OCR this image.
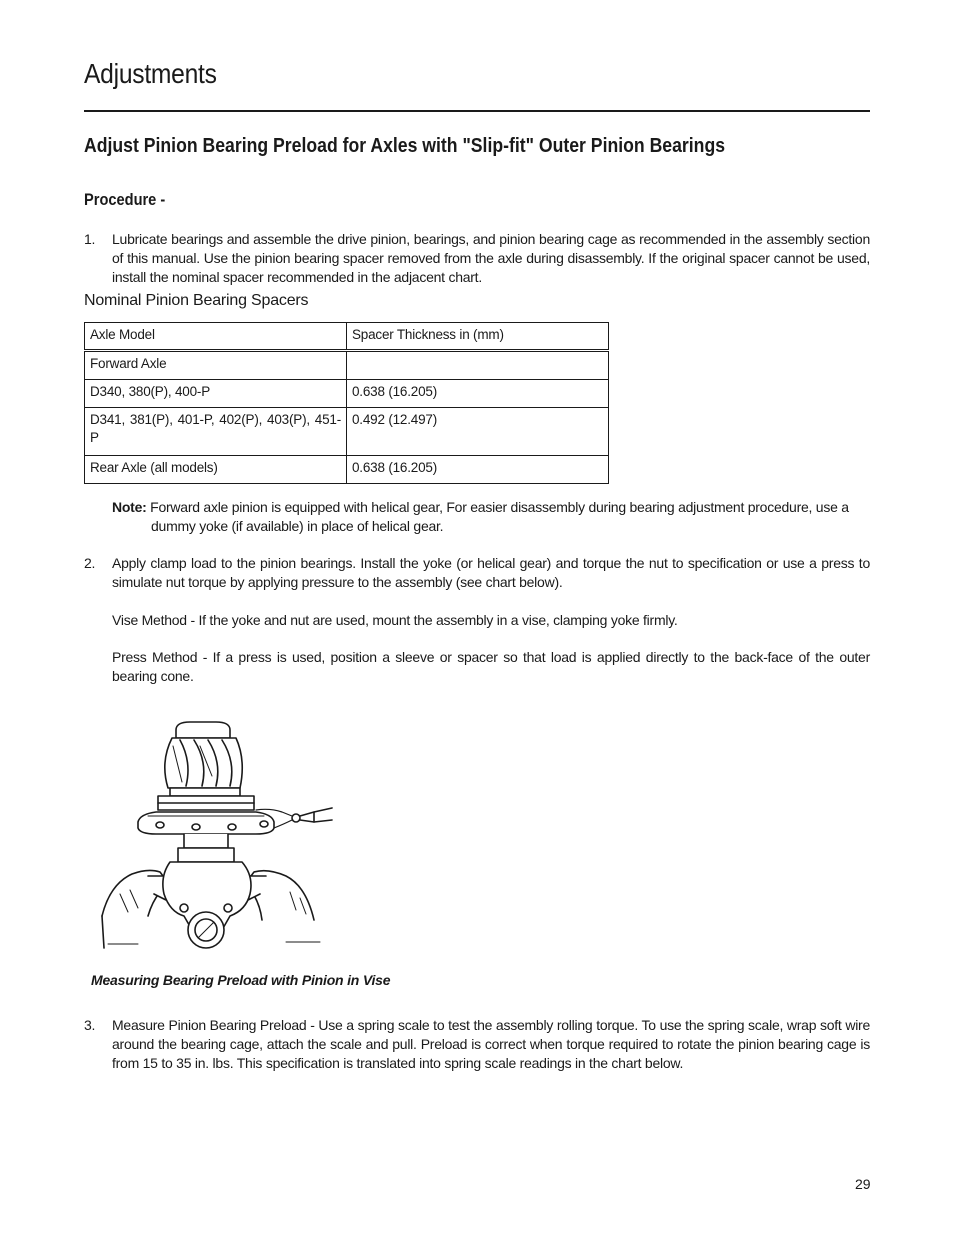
Adjustments
Adjust Pinion Bearing Preload for Axles with "Slip-fit" Outer Pinion Bearings
Procedure -
1. Lubricate bearings and assemble the drive pinion, bearings, and pinion bearing cage as recommended in the assembly section of this manual. Use the pinion bearing spacer removed from the axle during disassembly. If the original spacer cannot be used, install the nominal spacer recommended in the adjacent chart.
Nominal Pinion Bearing Spacers
Axle Model	Spacer Thickness in (mm)
Forward Axle	
D340, 380(P), 400-P	0.638 (16.205)
D341, 381(P), 401-P, 402(P), 403(P), 451-P	0.492 (12.497)
Rear Axle (all models)	0.638 (16.205)
Note: Forward axle pinion is equipped with helical gear, For easier disassembly during bearing adjustment procedure, use a
dummy yoke (if available) in place of helical gear.
2. Apply clamp load to the pinion bearings. Install the yoke (or helical gear) and torque the nut to specification or use a press to simulate nut torque by applying pressure to the assembly (see chart below).
Vise Method - If the yoke and nut are used, mount the assembly in a vise, clamping yoke firmly.
Press Method - If a press is used, position a sleeve or spacer so that load is applied directly to the back-face of the outer bearing cone.
Measuring Bearing Preload with Pinion in Vise
3. Measure Pinion Bearing Preload - Use a spring scale to test the assembly rolling torque. To use the spring scale, wrap soft wire around the bearing cage, attach the scale and pull. Preload is correct when torque required to rotate the pinion bearing cage is from 15 to 35 in. lbs. This specification is translated into spring scale readings in the chart below.
29
